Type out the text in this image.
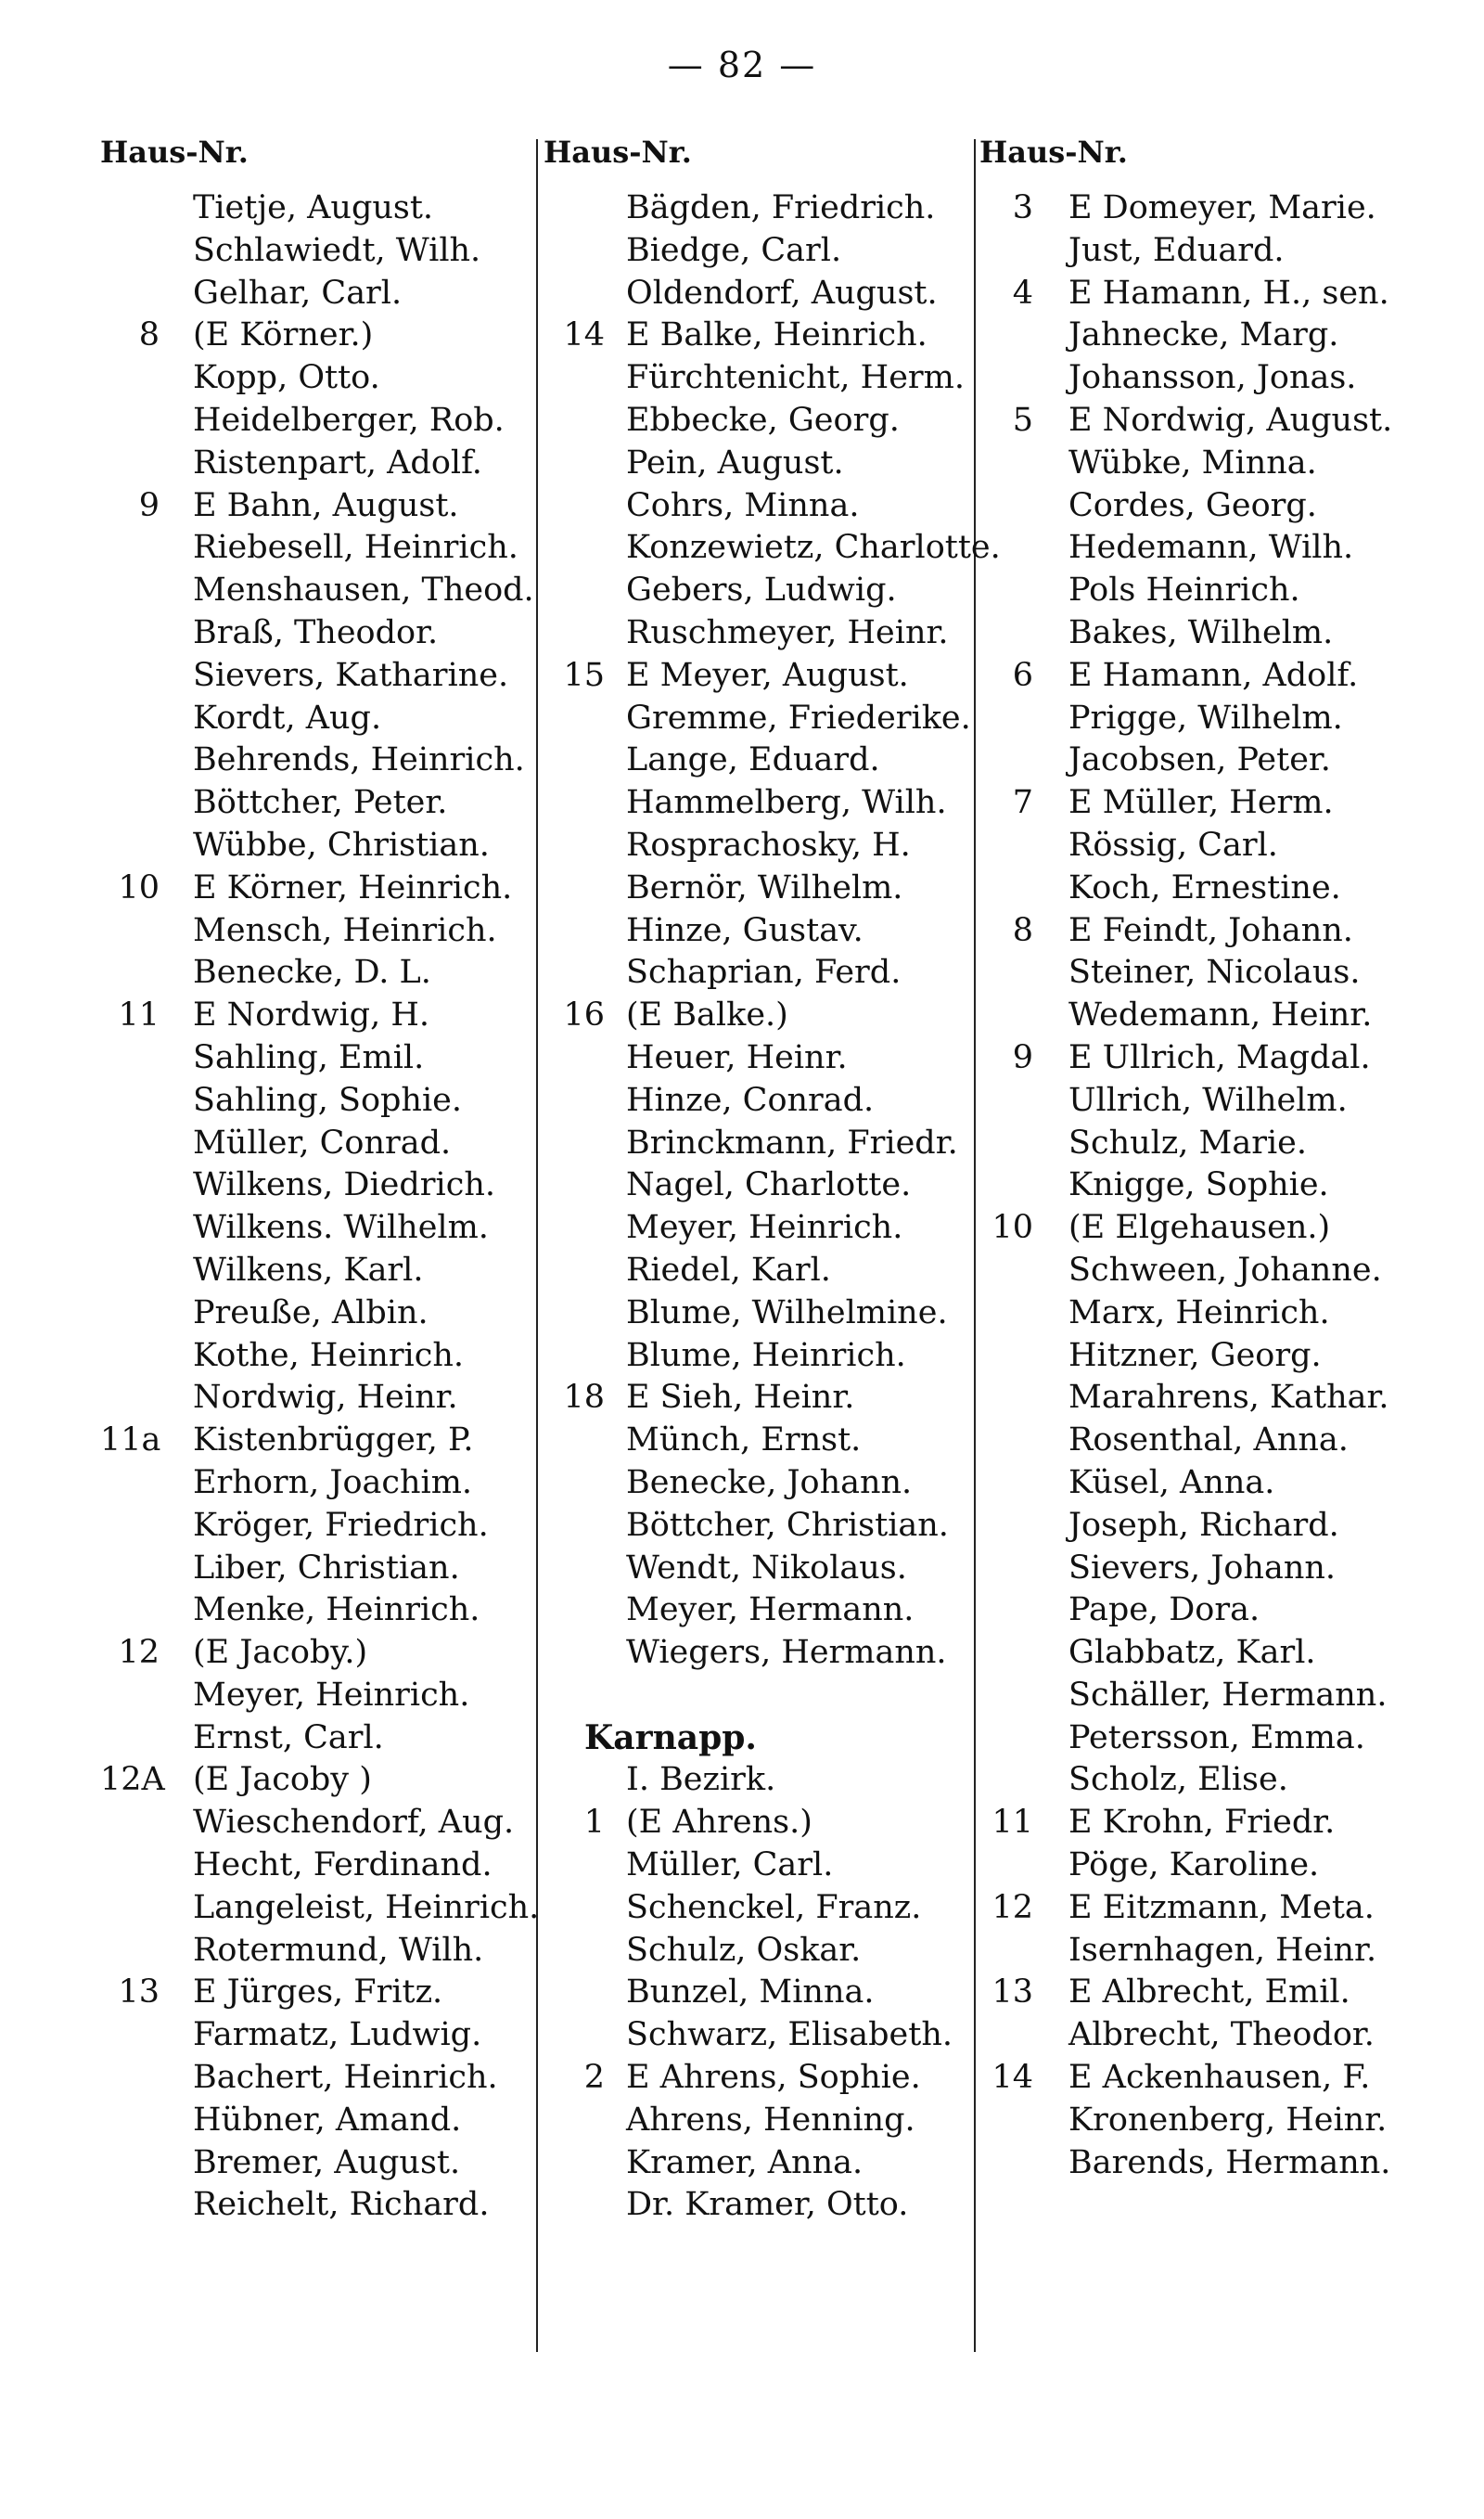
— 82 —
Haus-Nr.
Tietje, August.
Schlawiedt, Wilh.
Gelhar, Carl.
8 (E Körner.)
Kopp, Otto.
Heidelberger, Rob.
Ristenpart, Adolf.
9 E Bahn, August.
Riebesell, Heinrich.
Menshausen, Theod.
Braß, Theodor.
Sievers, Katharine.
Kordt, Aug.
Behrends, Heinrich.
Böttcher, Peter.
Wübbe, Christian.
10 E Körner, Heinrich.
Mensch, Heinrich.
Benecke, D. L.
11 E Nordwig, H.
Sahling, Emil.
Sahling, Sophie.
Müller, Conrad.
Wilkens, Diedrich.
Wilkens. Wilhelm.
Wilkens, Karl.
Preuße, Albin.
Kothe, Heinrich.
Nordwig, Heinr.
11a Kistenbrügger, P.
Erhorn, Joachim.
Kröger, Friedrich.
Liber, Christian.
Menke, Heinrich.
12 (E Jacoby.)
Meyer, Heinrich.
Ernst, Carl.
12A (E Jacoby )
Wieschendorf, Aug.
Hecht, Ferdinand.
Langeleist, Heinrich.
Rotermund, Wilh.
13 E Jürges, Fritz.
Farmatz, Ludwig.
Bachert, Heinrich.
Hübner, Amand.
Bremer, August.
Reichelt, Richard.
Haus-Nr.
Bägden, Friedrich.
Biedge, Carl.
Oldendorf, August.
14 E Balke, Heinrich.
Fürchtenicht, Herm.
Ebbecke, Georg.
Pein, August.
Cohrs, Minna.
Konzewietz, Charlotte.
Gebers, Ludwig.
Ruschmeyer, Heinr.
15 E Meyer, August.
Gremme, Friederike.
Lange, Eduard.
Hammelberg, Wilh.
Rosprachosky, H.
Bernör, Wilhelm.
Hinze, Gustav.
Schaprian, Ferd.
16 (E Balke.)
Heuer, Heinr.
Hinze, Conrad.
Brinckmann, Friedr.
Nagel, Charlotte.
Meyer, Heinrich.
Riedel, Karl.
Blume, Wilhelmine.
Blume, Heinrich.
18 E Sieh, Heinr.
Münch, Ernst.
Benecke, Johann.
Böttcher, Christian.
Wendt, Nikolaus.
Meyer, Hermann.
Wiegers, Hermann.
Karnapp.
I. Bezirk.
1 (E Ahrens.)
Müller, Carl.
Schenckel, Franz.
Schulz, Oskar.
Bunzel, Minna.
Schwarz, Elisabeth.
2 E Ahrens, Sophie.
Ahrens, Henning.
Kramer, Anna.
Dr. Kramer, Otto.
Haus-Nr.
3 E Domeyer, Marie.
Just, Eduard.
4 E Hamann, H., sen.
Jahnecke, Marg.
Johansson, Jonas.
5 E Nordwig, August.
Wübke, Minna.
Cordes, Georg.
Hedemann, Wilh.
Pols Heinrich.
Bakes, Wilhelm.
6 E Hamann, Adolf.
Prigge, Wilhelm.
Jacobsen, Peter.
7 E Müller, Herm.
Rössig, Carl.
Koch, Ernestine.
8 E Feindt, Johann.
Steiner, Nicolaus.
Wedemann, Heinr.
9 E Ullrich, Magdal.
Ullrich, Wilhelm.
Schulz, Marie.
Knigge, Sophie.
10 (E Elgehausen.)
Schween, Johanne.
Marx, Heinrich.
Hitzner, Georg.
Marahrens, Kathar.
Rosenthal, Anna.
Küsel, Anna.
Joseph, Richard.
Sievers, Johann.
Pape, Dora.
Glabbatz, Karl.
Schäller, Hermann.
Petersson, Emma.
Scholz, Elise.
11 E Krohn, Friedr.
Pöge, Karoline.
12 E Eitzmann, Meta.
Isernhagen, Heinr.
13 E Albrecht, Emil.
Albrecht, Theodor.
14 E Ackenhausen, F.
Kronenberg, Heinr.
Barends, Hermann.
